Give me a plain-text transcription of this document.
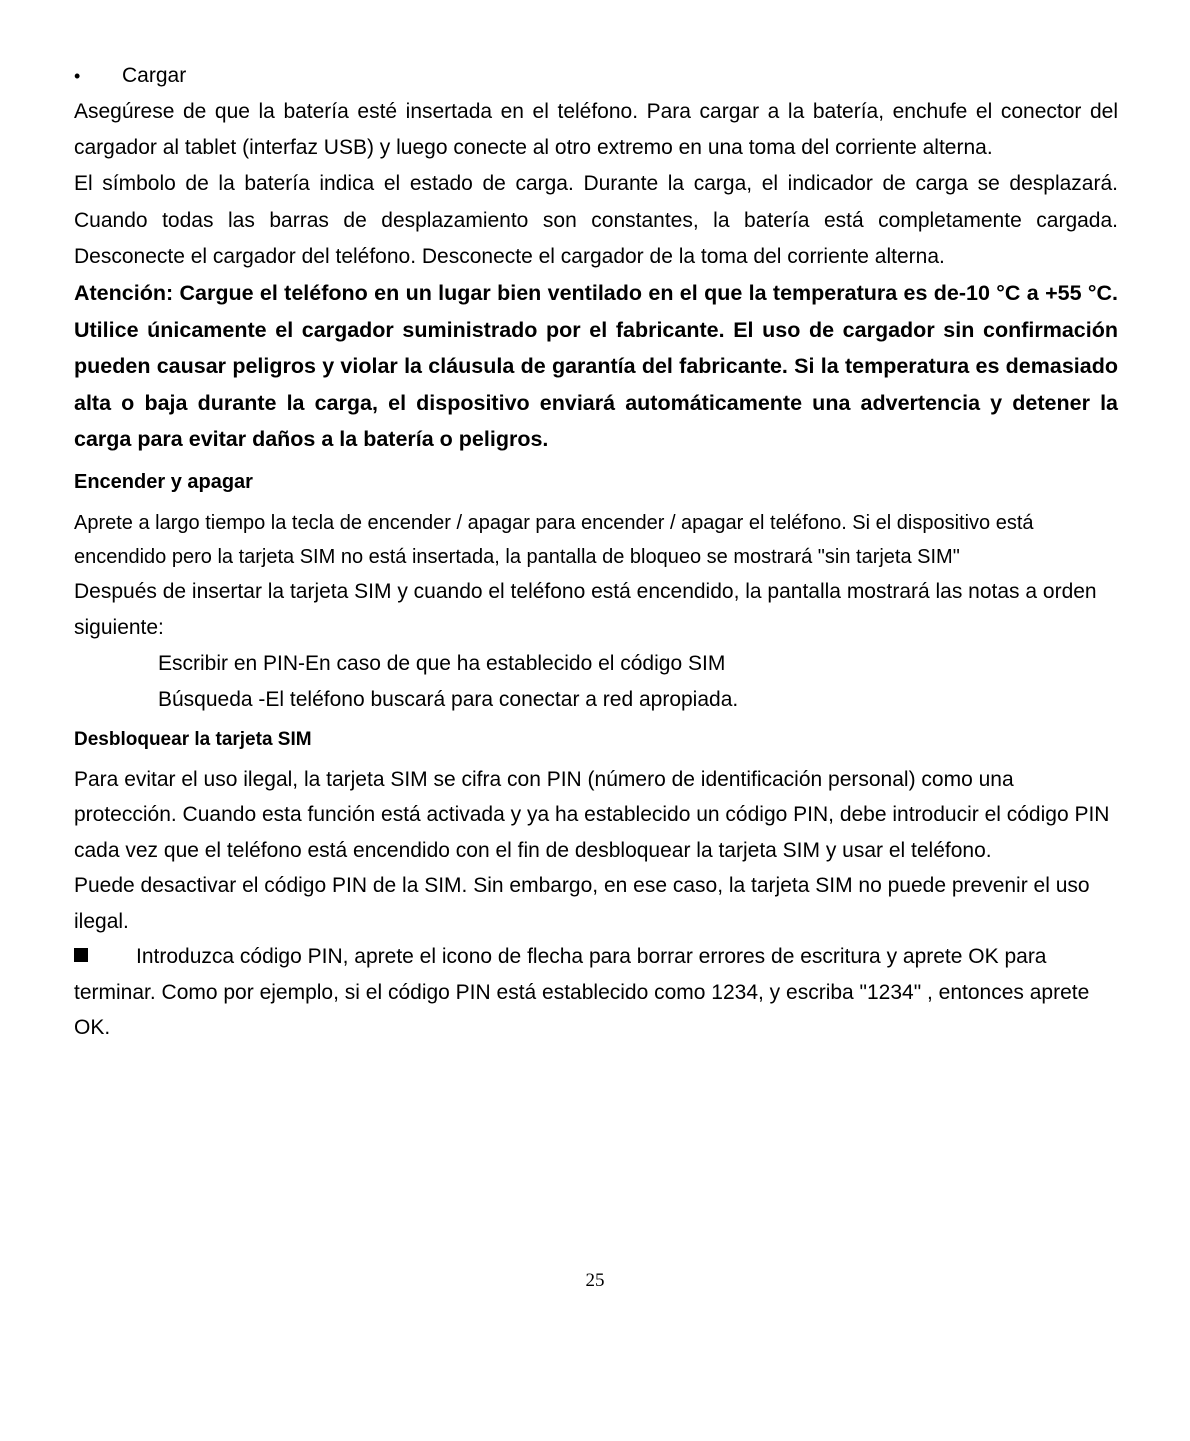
•	Cargar

Asegúrese de que la batería esté insertada en el teléfono. Para cargar a la batería, enchufe el conector del cargador al tablet (interfaz USB) y luego conecte al otro extremo en una toma del corriente alterna.

El símbolo de la batería indica el estado de carga. Durante la carga, el indicador de carga se desplazará. Cuando todas las barras de desplazamiento son constantes, la batería está completamente cargada. Desconecte el cargador del teléfono. Desconecte el cargador de la toma del corriente alterna.

Atención: Cargue el teléfono en un lugar bien ventilado en el que la temperatura es de-10 °C a +55 °C. Utilice únicamente el cargador suministrado por el fabricante. El uso de cargador sin confirmación pueden causar peligros y violar la cláusula de garantía del fabricante. Si la temperatura es demasiado alta o baja durante la carga, el dispositivo enviará automáticamente una advertencia y detener la carga para evitar daños a la batería o peligros.

Encender y apagar

Aprete a largo tiempo la tecla de encender / apagar para encender / apagar el teléfono. Si el dispositivo está encendido pero la tarjeta SIM no está insertada, la pantalla de bloqueo se mostrará "sin tarjeta SIM"

Después de insertar la tarjeta SIM y cuando el teléfono está encendido, la pantalla mostrará las notas a orden siguiente:

Escribir en PIN-En caso de que ha establecido el código SIM

Búsqueda -El teléfono buscará para conectar a red apropiada.

Desbloquear la tarjeta SIM

Para evitar el uso ilegal, la tarjeta SIM se cifra con PIN (número de identificación personal) como una protección. Cuando esta función está activada y ya ha establecido un código PIN, debe introducir el código PIN cada vez que el teléfono está encendido con el fin de desbloquear la tarjeta SIM y usar el teléfono.

Puede desactivar el código PIN de la SIM. Sin embargo, en ese caso, la tarjeta SIM no puede prevenir el uso ilegal.

Introduzca código PIN, aprete el icono de flecha para borrar errores de escritura y aprete OK para terminar. Como por ejemplo, si el código PIN está establecido como 1234, y escriba "1234" , entonces aprete OK.

25
